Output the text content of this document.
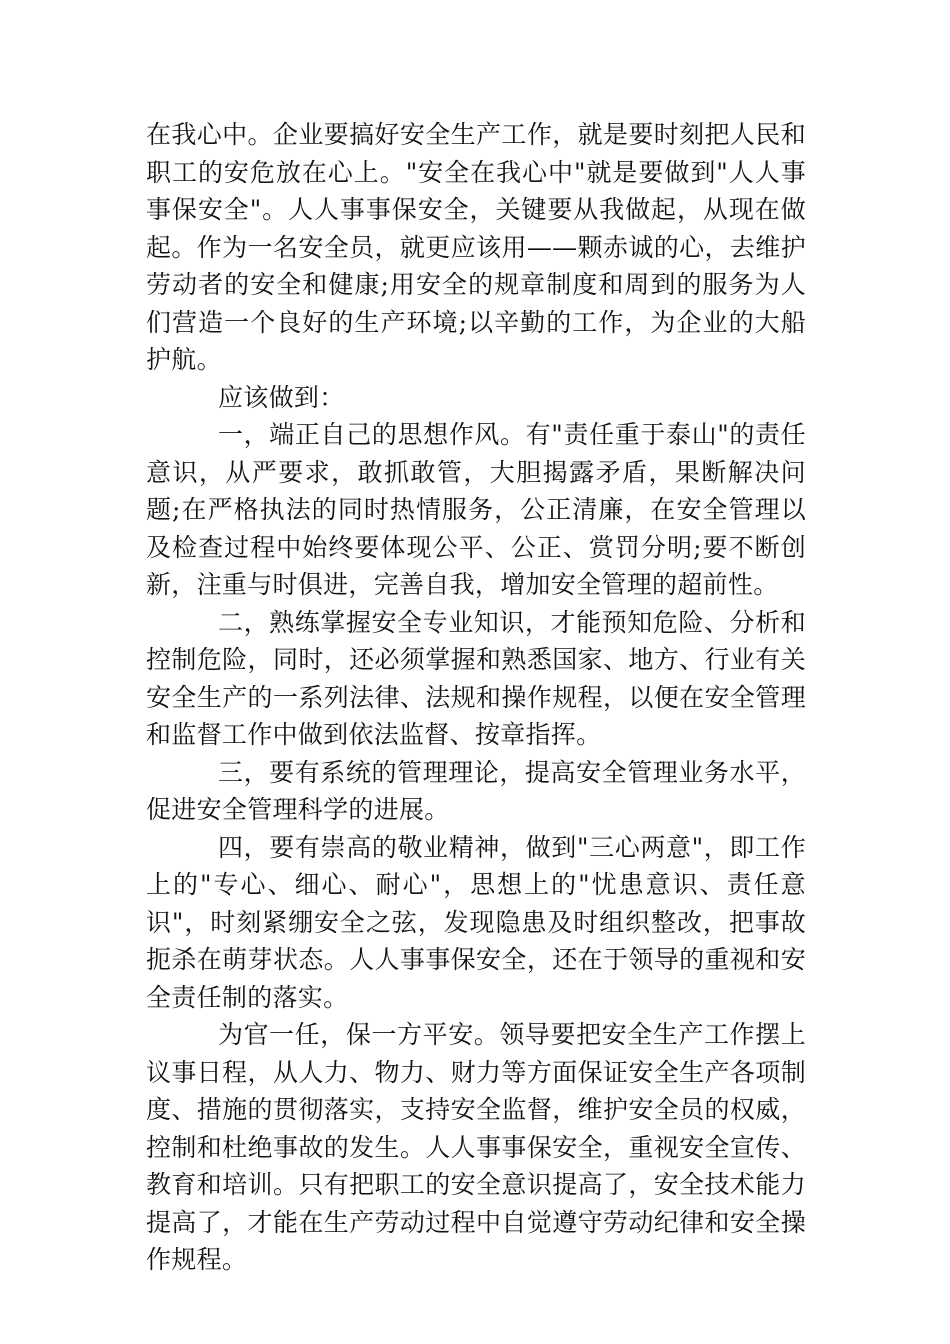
在我心中。企业要搞好安全生产工作，就是要时刻把人民和职工的安危放在心上。"安全在我心中"就是要做到"人人事事保安全"。人人事事保安全，关键要从我做起，从现在做起。作为一名安全员，就更应该用——颗赤诚的心，去维护劳动者的安全和健康;用安全的规章制度和周到的服务为人们营造一个良好的生产环境;以辛勤的工作，为企业的大船护航。

应该做到：

一，端正自己的思想作风。有"责任重于泰山"的责任意识，从严要求，敢抓敢管，大胆揭露矛盾，果断解决问题;在严格执法的同时热情服务，公正清廉，在安全管理以及检查过程中始终要体现公平、公正、赏罚分明;要不断创新，注重与时俱进，完善自我，增加安全管理的超前性。

二，熟练掌握安全专业知识，才能预知危险、分析和控制危险，同时，还必须掌握和熟悉国家、地方、行业有关安全生产的一系列法律、法规和操作规程，以便在安全管理和监督工作中做到依法监督、按章指挥。

三，要有系统的管理理论，提高安全管理业务水平，促进安全管理科学的进展。

四，要有崇高的敬业精神，做到"三心两意"，即工作上的"专心、细心、耐心"，思想上的"忧患意识、责任意识"，时刻紧绷安全之弦，发现隐患及时组织整改，把事故扼杀在萌芽状态。人人事事保安全，还在于领导的重视和安全责任制的落实。

为官一任，保一方平安。领导要把安全生产工作摆上议事日程，从人力、物力、财力等方面保证安全生产各项制度、措施的贯彻落实，支持安全监督，维护安全员的权威，控制和杜绝事故的发生。人人事事保安全，重视安全宣传、教育和培训。只有把职工的安全意识提高了，安全技术能力提高了，才能在生产劳动过程中自觉遵守劳动纪律和安全操作规程。
